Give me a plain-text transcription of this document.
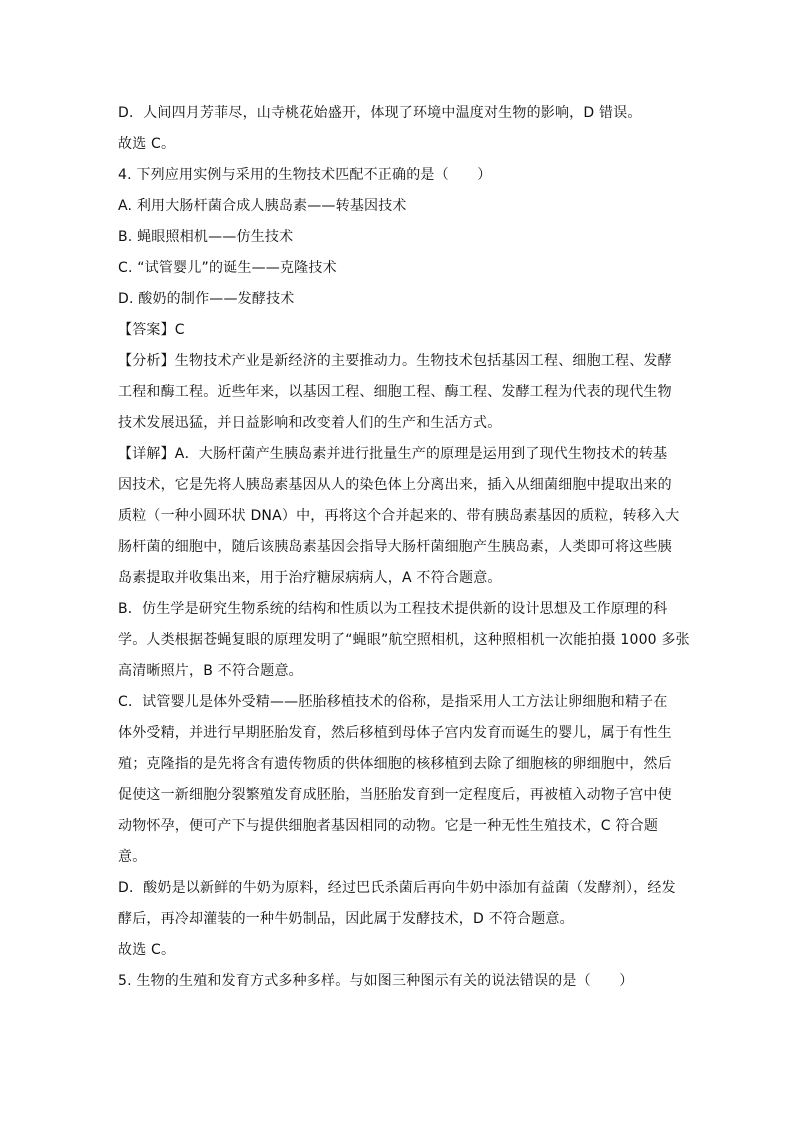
D．人间四月芳菲尽，山寺桃花始盛开，体现了环境中温度对生物的影响，D 错误。
故选 C。
4. 下列应用实例与采用的生物技术匹配不正确的是（　　）
A. 利用大肠杆菌合成人胰岛素——转基因技术
B. 蝇眼照相机——仿生技术
C. “试管婴儿”的诞生——克隆技术
D. 酸奶的制作——发酵技术
【答案】C
【分析】生物技术产业是新经济的主要推动力。生物技术包括基因工程、细胞工程、发酵
工程和酶工程。近些年来，以基因工程、细胞工程、酶工程、发酵工程为代表的现代生物
技术发展迅猛，并日益影响和改变着人们的生产和生活方式。
【详解】A．大肠杆菌产生胰岛素并进行批量生产的原理是运用到了现代生物技术的转基
因技术，它是先将人胰岛素基因从人的染色体上分离出来，插入从细菌细胞中提取出来的
质粒（一种小圆环状 DNA）中，再将这个合并起来的、带有胰岛素基因的质粒，转移入大
肠杆菌的细胞中，随后该胰岛素基因会指导大肠杆菌细胞产生胰岛素，人类即可将这些胰
岛素提取并收集出来，用于治疗糖尿病病人，A 不符合题意。
B．仿生学是研究生物系统的结构和性质以为工程技术提供新的设计思想及工作原理的科
学。人类根据苍蝇复眼的原理发明了“蝇眼”航空照相机，这种照相机一次能拍摄 1000 多张
高清晰照片，B 不符合题意。
C．试管婴儿是体外受精——胚胎移植技术的俗称，是指采用人工方法让卵细胞和精子在
体外受精，并进行早期胚胎发育，然后移植到母体子宫内发育而诞生的婴儿，属于有性生
殖；克隆指的是先将含有遗传物质的供体细胞的核移植到去除了细胞核的卵细胞中，然后
促使这一新细胞分裂繁殖发育成胚胎，当胚胎发育到一定程度后，再被植入动物子宫中使
动物怀孕，便可产下与提供细胞者基因相同的动物。它是一种无性生殖技术，C 符合题
意。
D．酸奶是以新鲜的牛奶为原料，经过巴氏杀菌后再向牛奶中添加有益菌（发酵剂），经发
酵后，再冷却灌装的一种牛奶制品，因此属于发酵技术，D 不符合题意。
故选 C。
5. 生物的生殖和发育方式多种多样。与如图三种图示有关的说法错误的是（　　）
